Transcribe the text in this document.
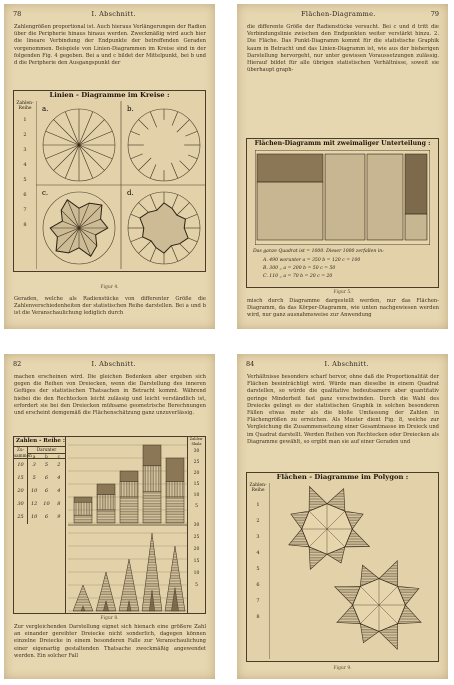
78	I. Abschnitt.
Zahlengrößen proportional ist. Auch hieraus Verlängerungen der Radien über die Peripherie hinaus hinaus werden. Zweckmäßig wird auch hier die lineare Verbindung der Endpunkte der betreffenden Geraden vorgenommen. Beispiele von Linien-Diagrammen im Kreise sind in der folgenden Fig. 4 gegeben. Bei a und c bildet der Mittelpunkt, bei b und d die Peripherie den Ausgangspunkt der
Linien - Diagramme im Kreise :
Zahlen-Reihe
1
2
3
4
5
6
7
8
a.	b.
c.	d.
Figur 4.
Geraden, welche als Radienstücke von differenter Größe die Zahlenverschiedenheiten der statistischen Reihe darstellen. Bei a und b ist die Veranschaulichung lediglich durch
Flächen-Diagramme.	79
die differente Größe der Radienstücke versucht. Bei c und d tritt die Verbindungslinie zwischen den Endpunkten weiter verstärkt hinzu. 2. Die Fläche. Das Punkt-Diagramm kommt für die statistische Graphik kaum in Betracht und das Linien-Diagramm ist, wie aus der bisherigen Darstellung hervorgeht, nur unter gewissen Voraussetzungen zulässig. Hierauf bildet für alle übrigen statistischen Verhältnisse, soweit sie überhaupt graph-
Flächen-Diagramm mit zweimaliger Unterteilung :
Das ganze Quadrat ist = 1000. Dieser 1000 zerfallen in:
A. 490 worunter a = 350 b = 120 c = 100
B. 300 „ a = 200 b = 50 c = 50
C. 110 „ a = 70 b = 20 c = 20
Figur 5.
misch durch Diagramme dargestellt werden, nur das Flächen-Diagramm, da das Körper-Diagramm, wie unten nachgewiesen werden wird, nur ganz ausnahmsweise zur Anwendung
82	I. Abschnitt.
machen erscheinen wird. Die gleichen Bedenken aber ergeben sich gegen die Reihen von Dreiecken, wenn die Darstellung des inneren Gefüges der statistischen Thatsachen in Betracht kommt. Während hiebei die den Rechtecken leicht zulässig und leicht verständlich ist, erfordert sie bei den Dreiecken mühsame geometrische Berechnungen und erscheint demgemäß die Flächenschätzung ganz unzuverlässig.
Zahlen - Reihe :
Zu-sammen
Darunter
a	b	c
10	3	5	2
15	5	6	4
20	10	6	4
30	12	10	8
25	10	6	9
Zahlen-Skala
30
25
20
15
10
5
30
25
20
15
10
5
Figur 8.
Zur vergleichenden Darstellung eignet sich hienach eine größere Zahl an einander gereihter Dreiecke nicht sonderlich, dagegen können einzelne Dreiecke in einem besonderen Falle zur Veranschaulichung einer eigenartig gestaltenden Thatsache zweckmäßig angewendet werden. Ein solcher Fall
84	I. Abschnitt.
Verhältnisse besonders scharf hervor, ohne daß die Proportionalität der Flächen beeinträchtigt wird. Würde man dieselbe in einem Quadrat darstellen, so würde die qualitative bedeutsamere aber quantitativ geringe Minderheit fast ganz verschwinden. Durch die Wahl des Dreiecks gelingt es der statistischen Graphik in solchen besonderen Fällen etwas mehr als die bloße Umfassung der Zahlen in Flächengrößen zu erreichen. Als Muster dient Fig. 8, welche zur Vergleichung die Zusammensetzung einer Gesamtmasse im Dreieck und im Quadrat darstellt. Werden Reihen von Rechtecken oder Dreiecken als Diagramme gewählt, so ergibt man sie auf einer Geraden und
Flächen - Diagramme im Polygon :
Zahlen-Reihe
1
2
3
4
5
6
7
8
Figur 9.
